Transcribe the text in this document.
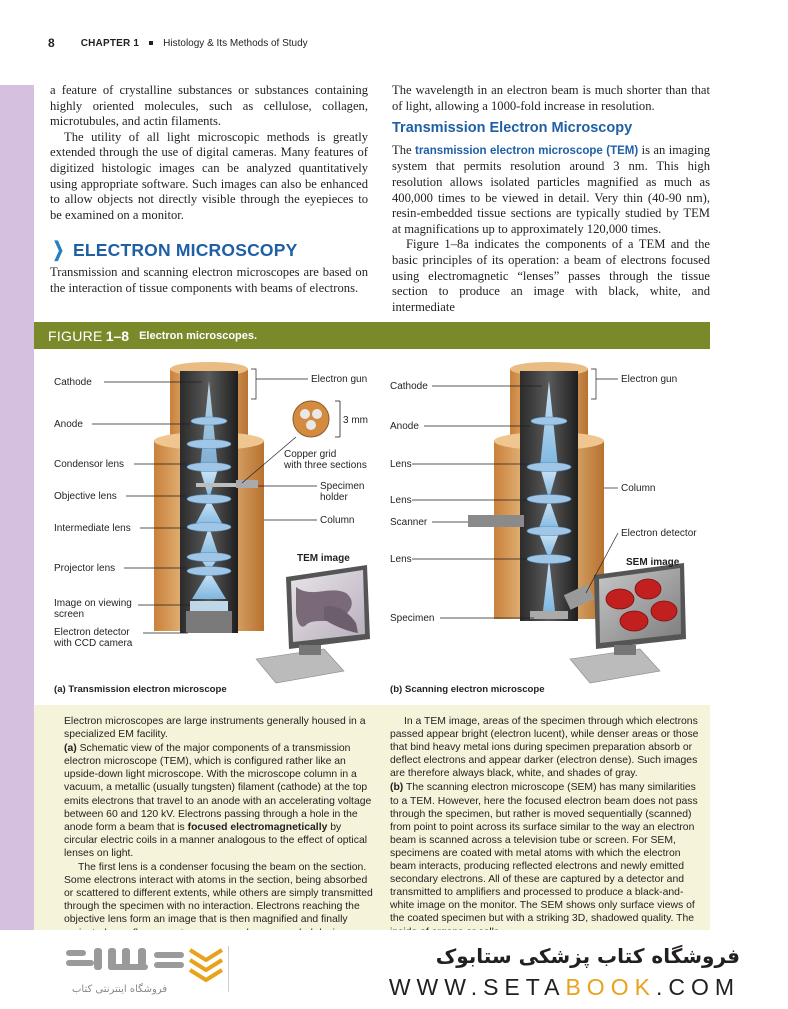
8	CHAPTER 1 Histology & Its Methods of Study

a feature of crystalline substances or substances containing highly oriented molecules, such as cellulose, collagen, microtubules, and actin filaments.

The utility of all light microscopic methods is greatly extended through the use of digital cameras. Many features of digitized histologic images can be analyzed quantitatively using appropriate software. Such images can also be enhanced to allow objects not directly visible through the eyepieces to be examined on a monitor.

❯ ELECTRON MICROSCOPY

Transmission and scanning electron microscopes are based on the interaction of tissue components with beams of electrons.

The wavelength in an electron beam is much shorter than that of light, allowing a 1000-fold increase in resolution.

Transmission Electron Microscopy

The transmission electron microscope (TEM) is an imaging system that permits resolution around 3 nm. This high resolution allows isolated particles magnified as much as 400,000 times to be viewed in detail. Very thin (40-90 nm), resin-embedded tissue sections are typically studied by TEM at magnifications up to approximately 120,000 times.

Figure 1–8a indicates the components of a TEM and the basic principles of its operation: a beam of electrons focused using electromagnetic “lenses” passes through the tissue section to produce an image with black, white, and intermediate

FIGURE 1–8 Electron microscopes.
Cathode
Anode
Condensor lens
Objective lens
Intermediate lens
Projector lens
Image on viewing
screen
Electron detector
with CCD camera
Electron gun
3 mm
Copper grid
with three sections
Specimen
holder
Column
TEM image
(a) Transmission electron microscope
Cathode
Anode
Lens
Lens
Scanner
Lens
Specimen
Electron gun
Column
Electron detector
SEM image
(b) Scanning electron microscope

Electron microscopes are large instruments generally housed in a specialized EM facility.

(a) Schematic view of the major components of a transmission electron microscope (TEM), which is configured rather like an upside-down light microscope. With the microscope column in a vacuum, a metallic (usually tungsten) filament (cathode) at the top emits electrons that travel to an anode with an accelerating voltage between 60 and 120 kV. Electrons passing through a hole in the anode form a beam that is focused electromagnetically by circular electric coils in a manner analogous to the effect of optical lenses on light.

The first lens is a condenser focusing the beam on the section. Some electrons interact with atoms in the section, being absorbed or scattered to different extents, while others are simply transmitted through the specimen with no interaction. Electrons reaching the objective lens form an image that is then magnified and finally

In a TEM image, areas of the specimen through which electrons passed appear bright (electron lucent), while denser areas or those that bind heavy metal ions during specimen preparation absorb or deflect electrons and appear darker (electron dense). Such images are therefore always black, white, and shades of gray.

(b) The scanning electron microscope (SEM) has many similarities to a TEM. However, here the focused electron beam does not pass through the specimen, but rather is moved sequentially (scanned) from point to point across its surface similar to the way an electron beam is scanned across a television tube or screen. For SEM, specimens are coated with metal atoms with which the electron beam interacts, producing reflected electrons and newly emitted secondary electrons. All of these are captured by a detector and transmitted to amplifiers and processed to produce a black-and-white image on the monitor. The SEM shows only surface views of the coated specimen but with a striking 3D, shadowed quality. The

فروشگاه اینترنتی کتاب
فروشگاه کتاب پزشکی ستابوک
WWW.SETABOOK.COM
